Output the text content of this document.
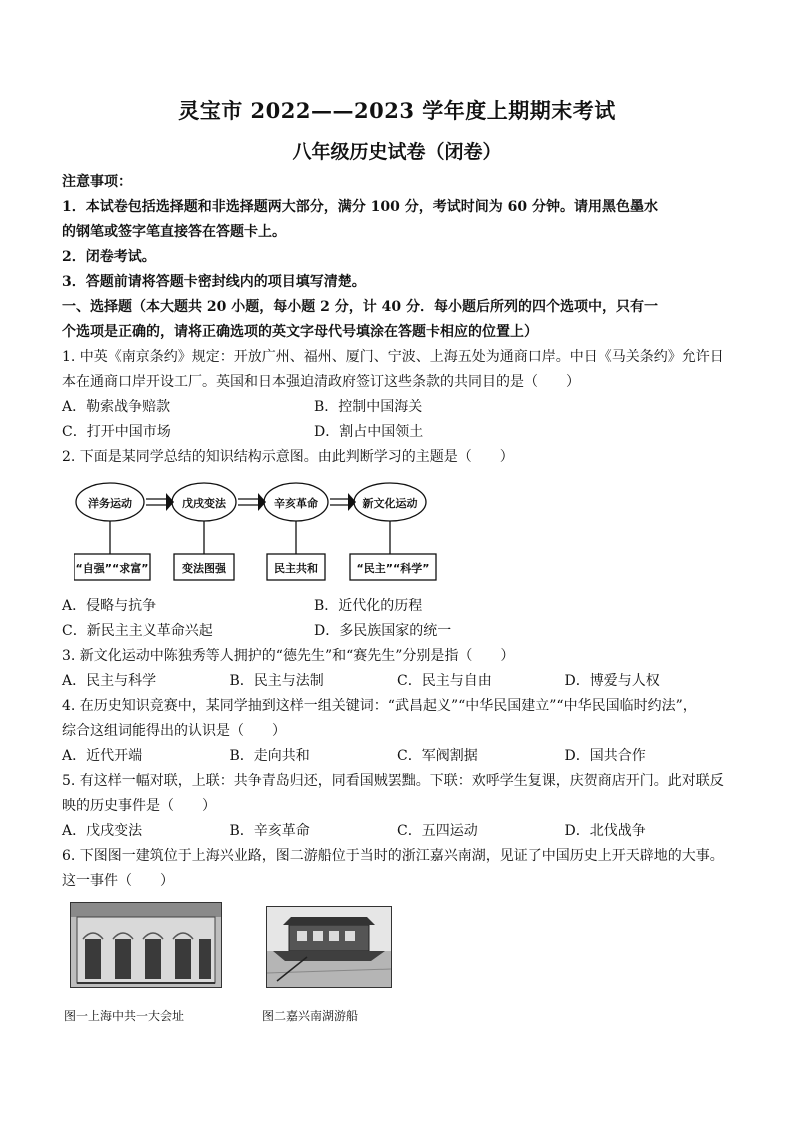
灵宝市 2022——2023 学年度上期期末考试
八年级历史试卷（闭卷）
注意事项：
1．本试卷包括选择题和非选择题两大部分，满分 100 分，考试时间为 60 分钟。请用黑色墨水
的钢笔或签字笔直接答在答题卡上。
2．闭卷考试。
3．答题前请将答题卡密封线内的项目填写清楚。
一、选择题（本大题共 20 小题，每小题 2 分，计 40 分．每小题后所列的四个选项中，只有一
个选项是正确的，请将正确选项的英文字母代号填涂在答题卡相应的位置上）
1. 中英《南京条约》规定：开放广州、福州、厦门、宁波、上海五处为通商口岸。中日《马关条约》允许日
本在通商口岸开设工厂。英国和日本强迫清政府签订这些条款的共同目的是（　　）
A．勒索战争赔款	B．控制中国海关
C．打开中国市场	D．割占中国领土
2. 下面是某同学总结的知识结构示意图。由此判断学习的主题是（　　）
洋务运动	戊戌变法	辛亥革命	新文化运动
“自强”“求富”	变法图强	民主共和	“民主”“科学”
A．侵略与抗争	B．近代化的历程
C．新民主主义革命兴起	D．多民族国家的统一
3. 新文化运动中陈独秀等人拥护的“德先生”和“赛先生”分别是指（　　）
A．民主与科学	B．民主与法制	C．民主与自由	D．博爱与人权
4. 在历史知识竞赛中，某同学抽到这样一组关键词：“武昌起义”“中华民国建立”“中华民国临时约法”，
综合这组词能得出的认识是（　　）
A．近代开端	B．走向共和	C．军阀割据	D．国共合作
5. 有这样一幅对联，上联：共争青岛归还，同看国贼罢黜。下联：欢呼学生复课，庆贺商店开门。此对联反
映的历史事件是（　　）
A．戊戌变法	B．辛亥革命	C．五四运动	D．北伐战争
6. 下图图一建筑位于上海兴业路，图二游船位于当时的浙江嘉兴南湖，见证了中国历史上开天辟地的大事。
这一事件（　　）
图一上海中共一大会址	图二嘉兴南湖游船
